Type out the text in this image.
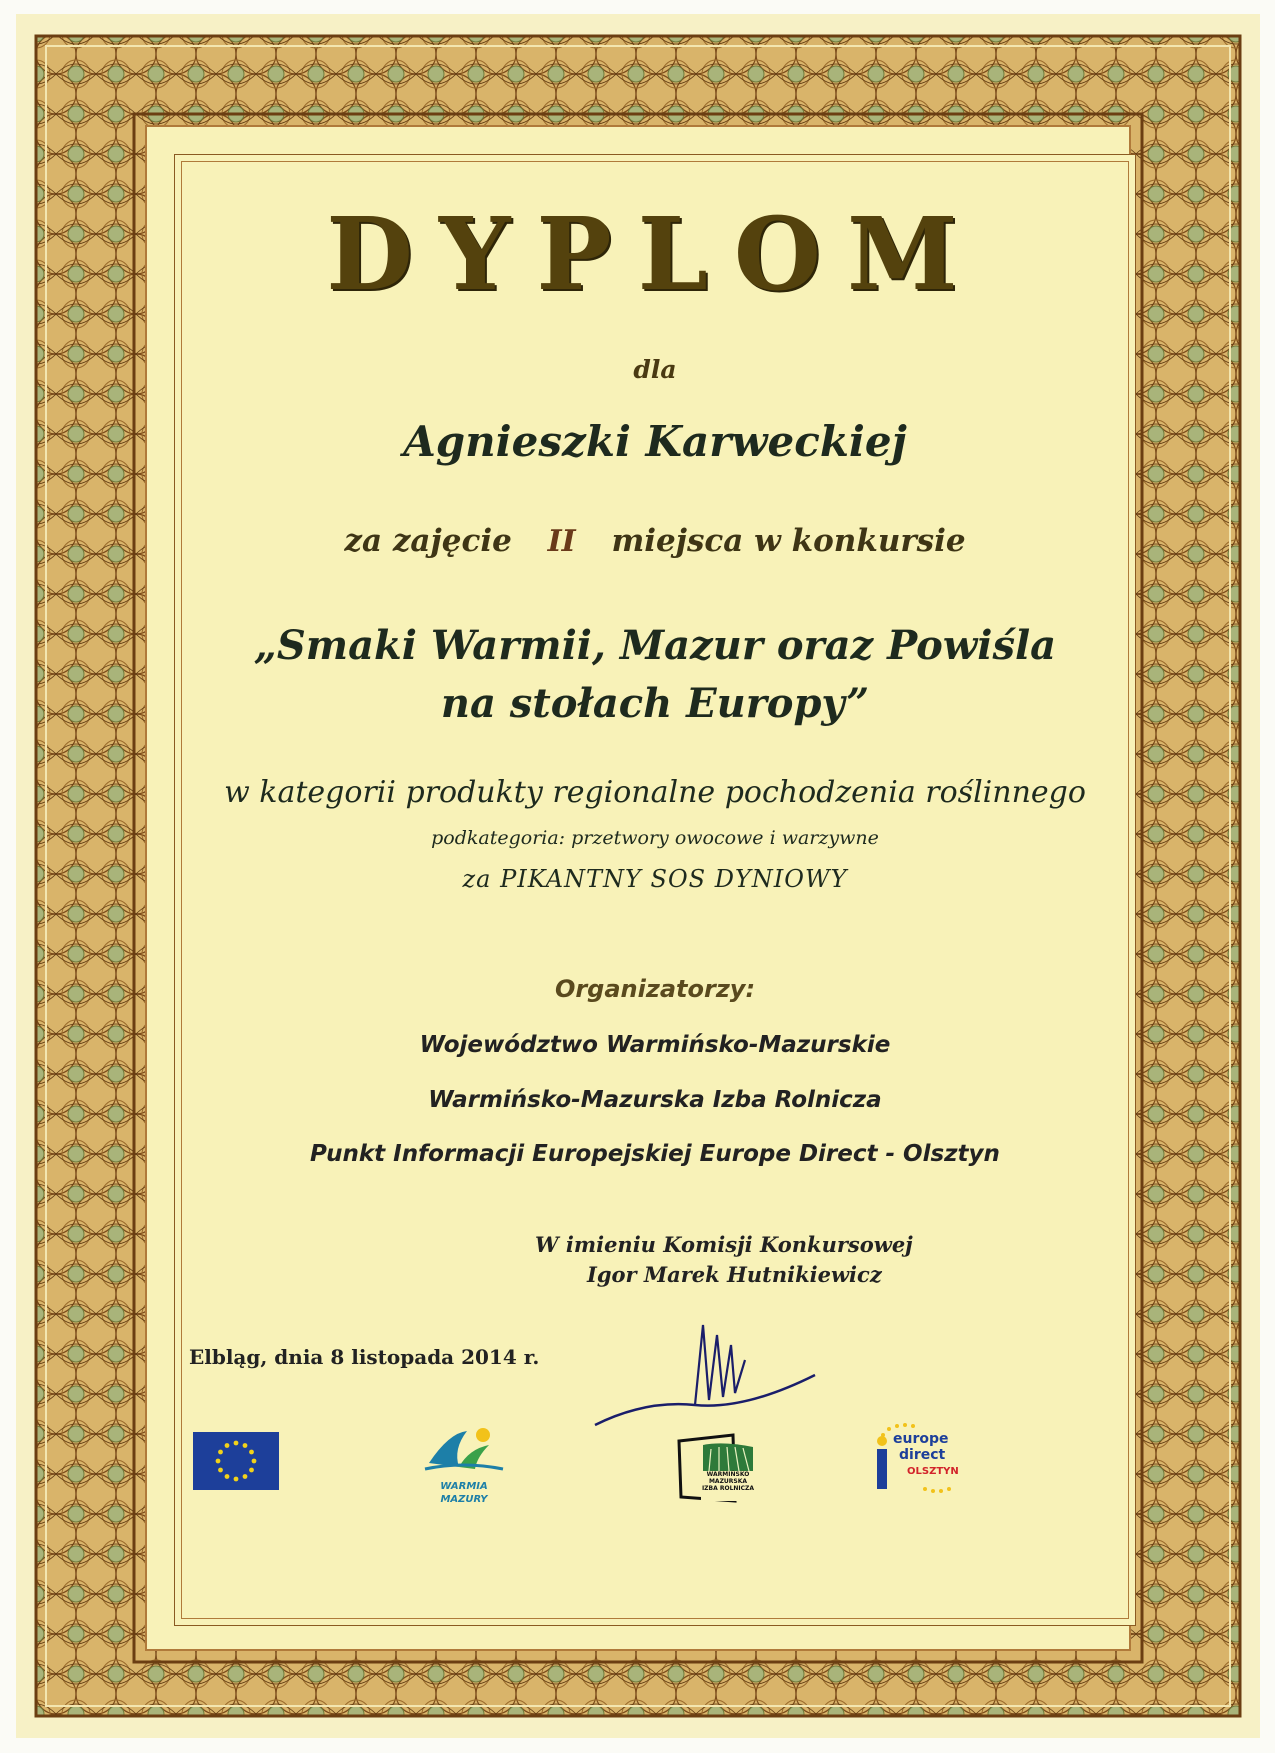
DYPLOM
dla
Agnieszki Karweckiej
za zajęcie II miejsca w konkursie
„Smaki Warmii, Mazur oraz Powiśla
na stołach Europy”
w kategorii produkty regionalne pochodzenia roślinnego
podkategoria: przetwory owocowe i warzywne
za PIKANTNY SOS DYNIOWY
Organizatorzy:
Województwo Warmińsko-Mazurskie
Warmińsko-Mazurska Izba Rolnicza
Punkt Informacji Europejskiej Europe Direct - Olsztyn
W imieniu Komisji Konkursowej
Igor Marek Hutnikiewicz
Elbląg, dnia 8 listopada 2014 r.
WARMIA
MAZURY
WARMIŃSKO
MAZURSKA
IZBA ROLNICZA
europe
direct
OLSZTYN
